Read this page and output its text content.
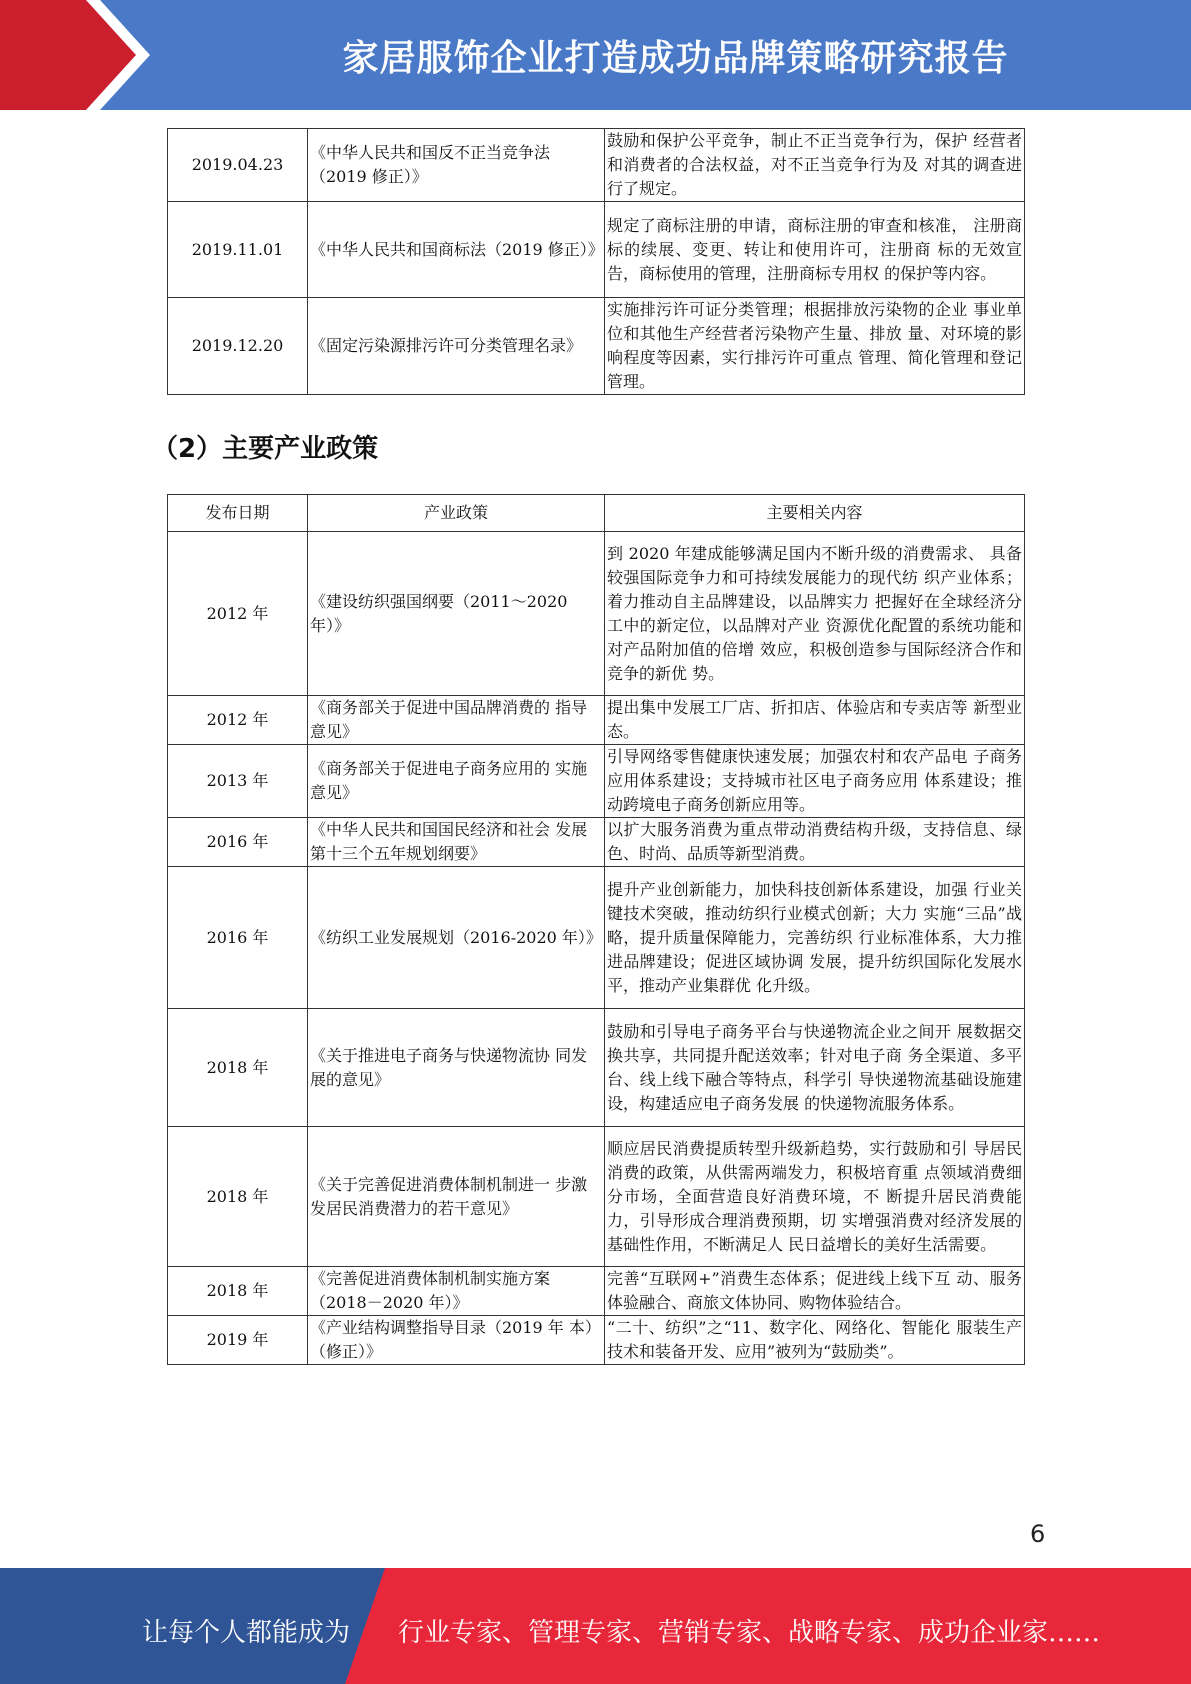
家居服饰企业打造成功品牌策略研究报告
2019.04.23	《中华人民共和国反不正当竞争法（2019 修正）》	鼓励和保护公平竞争，制止不正当竞争行为，保护 经营者和消费者的合法权益，对不正当竞争行为及 对其的调查进行了规定。
2019.11.01	《中华人民共和国商标法（2019 修正）》	规定了商标注册的申请，商标注册的审查和核准， 注册商标的续展、变更、转让和使用许可，注册商 标的无效宣告，商标使用的管理，注册商标专用权 的保护等内容。
2019.12.20	《固定污染源排污许可分类管理名录》	实施排污许可证分类管理；根据排放污染物的企业 事业单位和其他生产经营者污染物产生量、排放 量、对环境的影响程度等因素，实行排污许可重点 管理、简化管理和登记管理。
（2）主要产业政策
发布日期	产业政策	主要相关内容
2012 年	《建设纺织强国纲要（2011～2020 年）》	到 2020 年建成能够满足国内不断升级的消费需求、 具备较强国际竞争力和可持续发展能力的现代纺 织产业体系；着力推动自主品牌建设，以品牌实力 把握好在全球经济分工中的新定位，以品牌对产业 资源优化配置的系统功能和对产品附加值的倍增 效应，积极创造参与国际经济合作和竞争的新优 势。
2012 年	《商务部关于促进中国品牌消费的 指导意见》	提出集中发展工厂店、折扣店、体验店和专卖店等 新型业态。
2013 年	《商务部关于促进电子商务应用的 实施意见》	引导网络零售健康快速发展；加强农村和农产品电 子商务应用体系建设；支持城市社区电子商务应用 体系建设；推动跨境电子商务创新应用等。
2016 年	《中华人民共和国国民经济和社会 发展第十三个五年规划纲要》	以扩大服务消费为重点带动消费结构升级，支持信息、绿色、时尚、品质等新型消费。
2016 年	《纺织工业发展规划（2016-2020 年）》	提升产业创新能力，加快科技创新体系建设，加强 行业关键技术突破，推动纺织行业模式创新；大力 实施“三品”战略，提升质量保障能力，完善纺织 行业标准体系，大力推进品牌建设；促进区域协调 发展，提升纺织国际化发展水平，推动产业集群优 化升级。
2018 年	《关于推进电子商务与快递物流协 同发展的意见》	鼓励和引导电子商务平台与快递物流企业之间开 展数据交换共享，共同提升配送效率；针对电子商 务全渠道、多平台、线上线下融合等特点，科学引 导快递物流基础设施建设，构建适应电子商务发展 的快递物流服务体系。
2018 年	《关于完善促进消费体制机制进一 步激发居民消费潜力的若干意见》	顺应居民消费提质转型升级新趋势，实行鼓励和引 导居民消费的政策，从供需两端发力，积极培育重 点领域消费细分市场，全面营造良好消费环境，不 断提升居民消费能力，引导形成合理消费预期，切 实增强消费对经济发展的基础性作用，不断满足人 民日益增长的美好生活需要。
2018 年	《完善促进消费体制机制实施方案（2018－2020 年）》	完善“互联网+”消费生态体系；促进线上线下互 动、服务体验融合、商旅文体协同、购物体验结合。
2019 年	《产业结构调整指导目录（2019 年 本）（修正）》	“二十、纺织”之“11、数字化、网络化、智能化 服装生产技术和装备开发、应用”被列为“鼓励类”。
6
让每个人都能成为 行业专家、管理专家、营销专家、战略专家、成功企业家……
